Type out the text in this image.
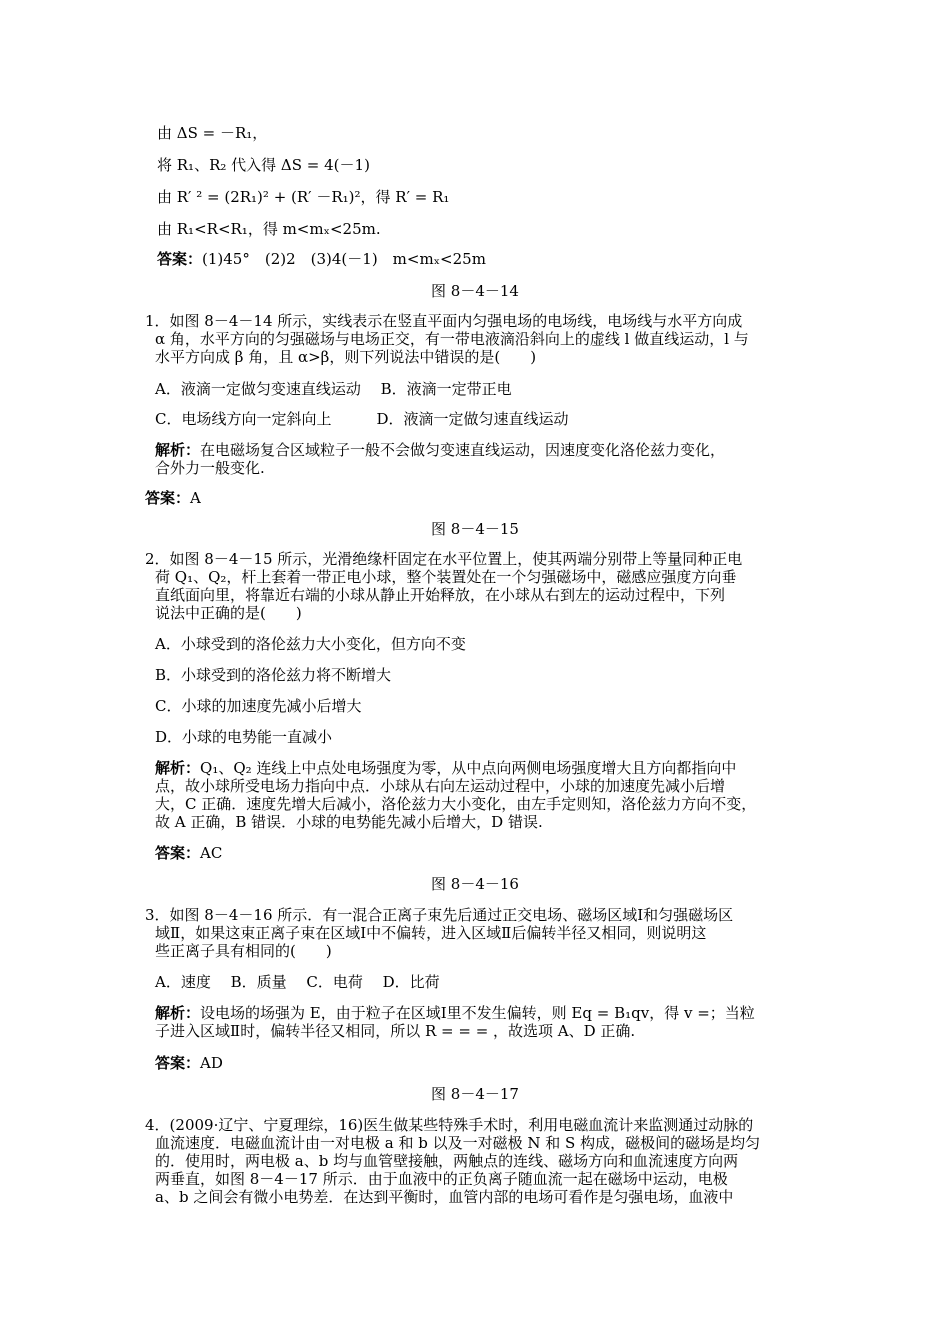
由 ΔS = －R₁，
将 R₁、R₂ 代入得 ΔS = 4(－1)
由 R′ ² = (2R₁)² + (R′ －R₁)²，得 R′ = R₁
由 R₁<R<R₁，得 m<mₓ<25m.
答案：(1)45°　(2)2　(3)4(－1)　m<mₓ<25m
图 8－4－14
1．如图 8－4－14 所示，实线表示在竖直平面内匀强电场的电场线，电场线与水平方向成
α 角，水平方向的匀强磁场与电场正交，有一带电液滴沿斜向上的虚线 l 做直线运动，l 与
水平方向成 β 角，且 α>β，则下列说法中错误的是(　　)
A．液滴一定做匀变速直线运动　 B．液滴一定带正电
C．电场线方向一定斜向上　　　D．液滴一定做匀速直线运动
解析：在电磁场复合区域粒子一般不会做匀变速直线运动，因速度变化洛伦兹力变化，
合外力一般变化.
答案：A
图 8－4－15
2．如图 8－4－15 所示，光滑绝缘杆固定在水平位置上，使其两端分别带上等量同种正电
荷 Q₁、Q₂，杆上套着一带正电小球，整个装置处在一个匀强磁场中，磁感应强度方向垂
直纸面向里，将靠近右端的小球从静止开始释放，在小球从右到左的运动过程中，下列
说法中正确的是(　　)
A．小球受到的洛伦兹力大小变化，但方向不变
B．小球受到的洛伦兹力将不断增大
C．小球的加速度先减小后增大
D．小球的电势能一直减小
解析：Q₁、Q₂ 连线上中点处电场强度为零，从中点向两侧电场强度增大且方向都指向中
点，故小球所受电场力指向中点．小球从右向左运动过程中，小球的加速度先减小后增
大，C 正确．速度先增大后减小，洛伦兹力大小变化，由左手定则知，洛伦兹力方向不变，
故 A 正确，B 错误．小球的电势能先减小后增大，D 错误.
答案：AC
图 8－4－16
3．如图 8－4－16 所示．有一混合正离子束先后通过正交电场、磁场区域Ⅰ和匀强磁场区
域Ⅱ，如果这束正离子束在区域Ⅰ中不偏转，进入区域Ⅱ后偏转半径又相同，则说明这
些正离子具有相同的(　　)
A．速度　 B．质量　 C．电荷　 D．比荷
解析：设电场的场强为 E，由于粒子在区域Ⅰ里不发生偏转，则 Eq = B₁qv，得 v =；当粒
子进入区域Ⅱ时，偏转半径又相同，所以 R = = = ，故选项 A、D 正确.
答案：AD
图 8－4－17
4．(2009·辽宁、宁夏理综，16)医生做某些特殊手术时，利用电磁血流计来监测通过动脉的
血流速度．电磁血流计由一对电极 a 和 b 以及一对磁极 N 和 S 构成，磁极间的磁场是均匀
的．使用时，两电极 a、b 均与血管壁接触，两触点的连线、磁场方向和血流速度方向两
两垂直，如图 8－4－17 所示．由于血液中的正负离子随血流一起在磁场中运动，电极
a、b 之间会有微小电势差．在达到平衡时，血管内部的电场可看作是匀强电场，血液中
